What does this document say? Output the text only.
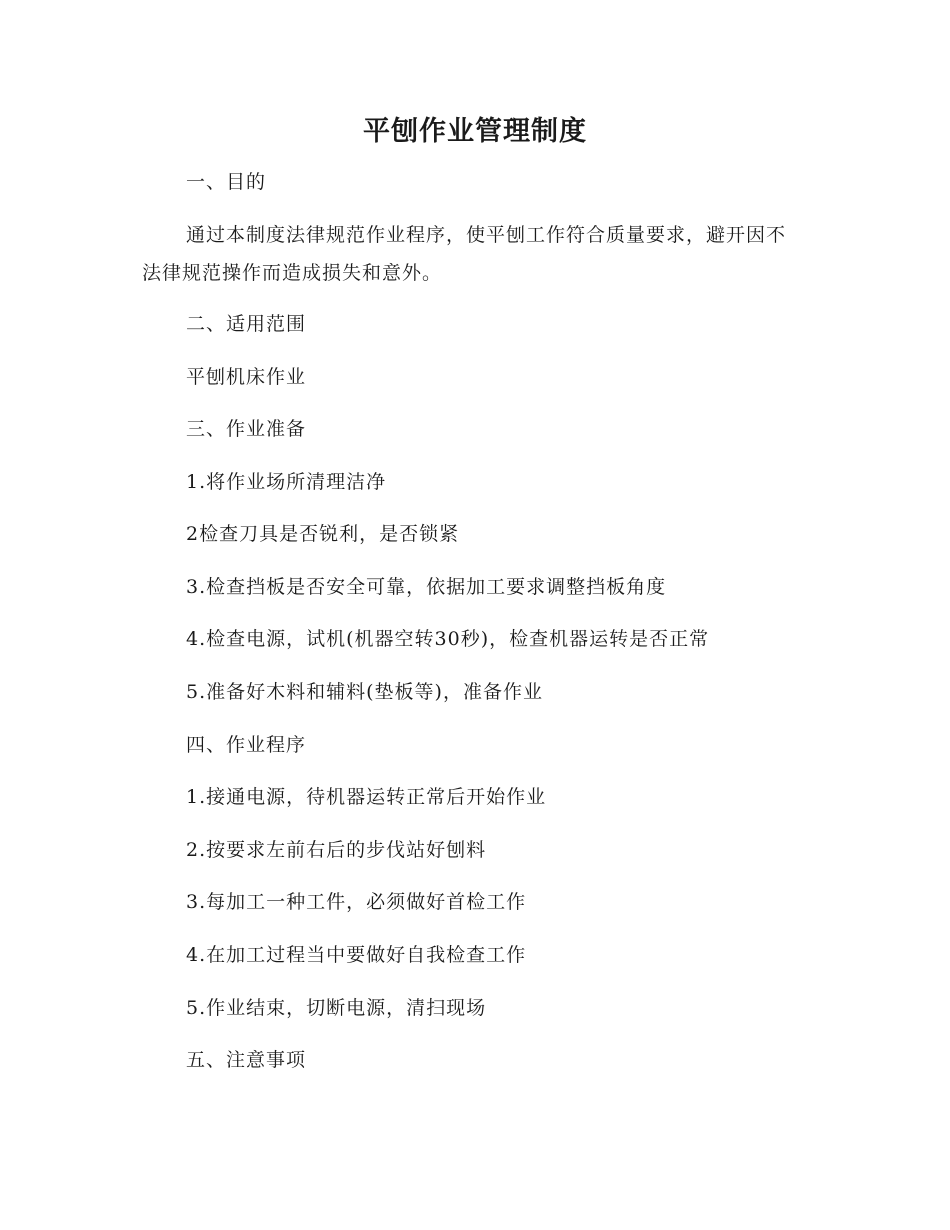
平刨作业管理制度

一、目的

通过本制度法律规范作业程序，使平刨工作符合质量要求，避开因不法律规范操作而造成损失和意外。

二、适用范围

平刨机床作业

三、作业准备

1.将作业场所清理洁净

2检查刀具是否锐利，是否锁紧

3.检查挡板是否安全可靠，依据加工要求调整挡板角度

4.检查电源，试机(机器空转30秒)，检查机器运转是否正常

5.准备好木料和辅料(垫板等)，准备作业

四、作业程序

1.接通电源，待机器运转正常后开始作业

2.按要求左前右后的步伐站好刨料

3.每加工一种工件，必须做好首检工作

4.在加工过程当中要做好自我检查工作

5.作业结束，切断电源，清扫现场

五、注意事项
